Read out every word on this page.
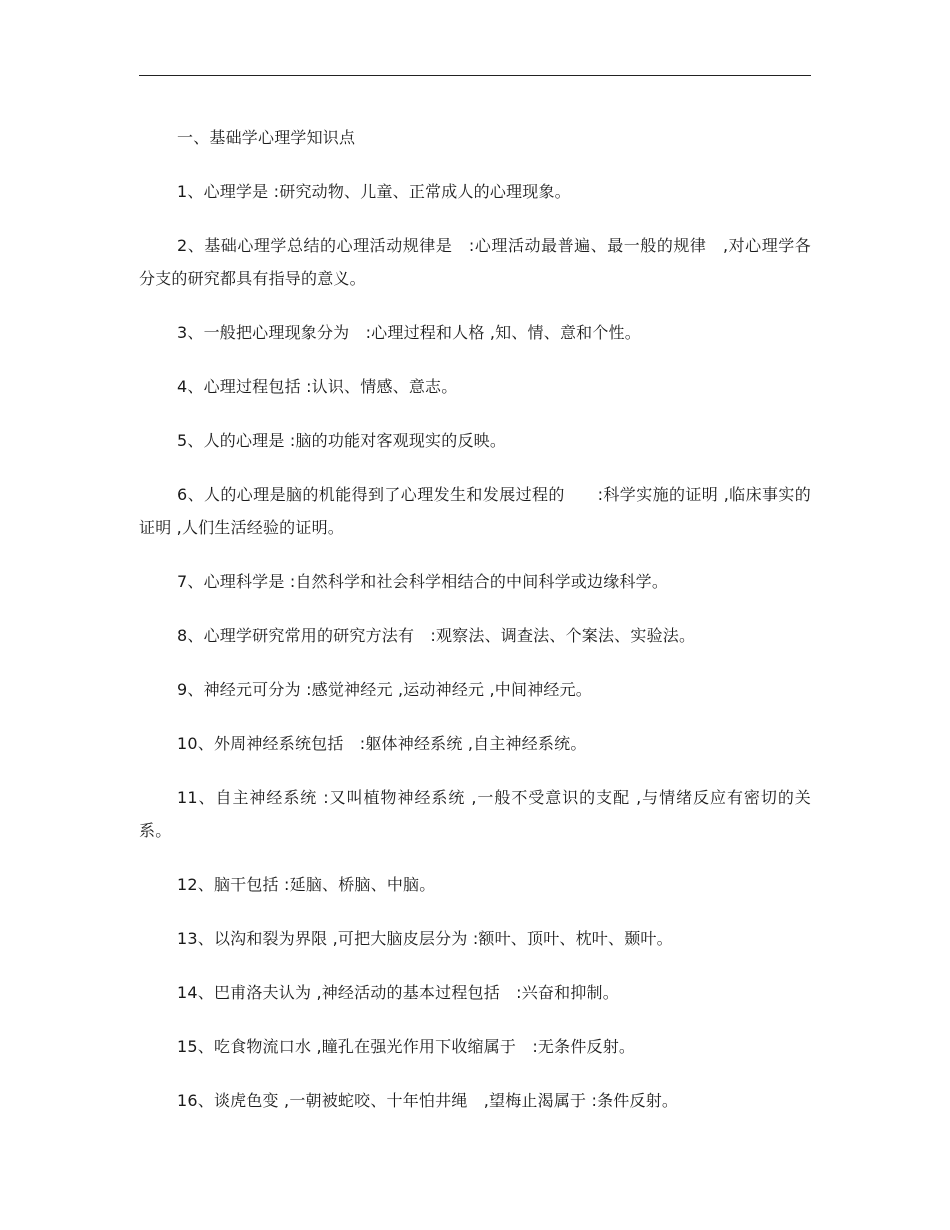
一、基础学心理学知识点

1、心理学是 :研究动物、儿童、正常成人的心理现象。

2、基础心理学总结的心理活动规律是　:心理活动最普遍、最一般的规律　,对心理学各分支的研究都具有指导的意义。

3、一般把心理现象分为　:心理过程和人格 ,知、情、意和个性。

4、心理过程包括 :认识、情感、意志。

5、人的心理是 :脑的功能对客观现实的反映。

6、人的心理是脑的机能得到了心理发生和发展过程的　　:科学实施的证明 ,临床事实的证明 ,人们生活经验的证明。

7、心理科学是 :自然科学和社会科学相结合的中间科学或边缘科学。

8、心理学研究常用的研究方法有　:观察法、调查法、个案法、实验法。

9、神经元可分为 :感觉神经元 ,运动神经元 ,中间神经元。

10、外周神经系统包括　:躯体神经系统 ,自主神经系统。

11、自主神经系统 :又叫植物神经系统 ,一般不受意识的支配 ,与情绪反应有密切的关系。

12、脑干包括 :延脑、桥脑、中脑。

13、以沟和裂为界限 ,可把大脑皮层分为 :额叶、顶叶、枕叶、颞叶。

14、巴甫洛夫认为 ,神经活动的基本过程包括　:兴奋和抑制。

15、吃食物流口水 ,瞳孔在强光作用下收缩属于　:无条件反射。

16、谈虎色变 ,一朝被蛇咬、十年怕井绳　,望梅止渴属于 :条件反射。
